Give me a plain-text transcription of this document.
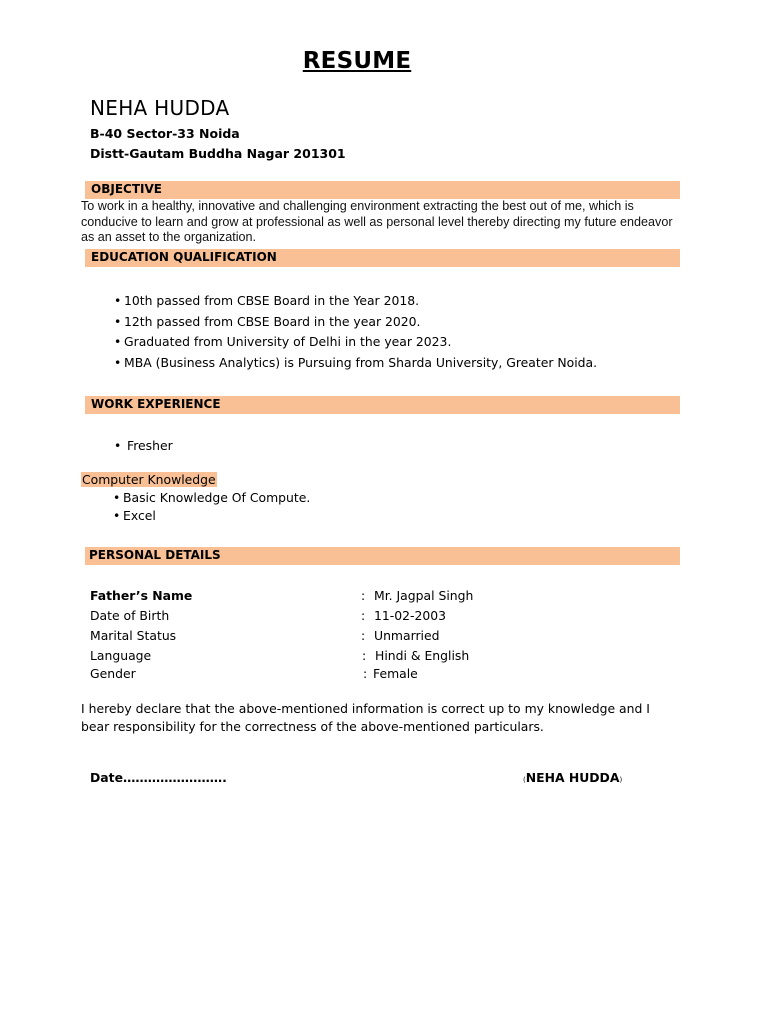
RESUME
NEHA HUDDA
B-40 Sector-33 Noida
Distt-Gautam Buddha Nagar 201301
OBJECTIVE
To work in a healthy, innovative and challenging environment extracting the best out of me, which is conducive to learn and grow at professional as well as personal level thereby directing my future endeavor as an asset to the organization.
EDUCATION QUALIFICATION
• 10th passed from CBSE Board in the Year 2018.
• 12th passed from CBSE Board in the year 2020.
• Graduated from University of Delhi in the year 2023.
• MBA (Business Analytics) is Pursuing from Sharda University, Greater Noida.
WORK EXPERIENCE
• Fresher
Computer Knowledge
• Basic Knowledge Of Compute.
• Excel
PERSONAL DETAILS
Father’s Name	: Mr. Jagpal Singh
Date of Birth	: 11-02-2003
Marital Status	: Unmarried
Language	: Hindi & English
Gender	: Female
I hereby declare that the above-mentioned information is correct up to my knowledge and I bear responsibility for the correctness of the above-mentioned particulars.
Date…………………….	(NEHA HUDDA)
